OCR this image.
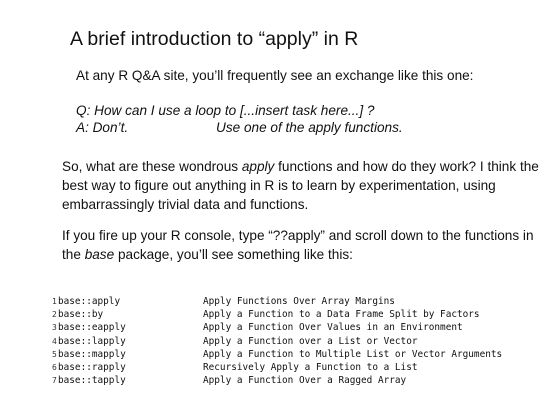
A brief introduction to “apply” in R
At any R Q&A site, you’ll frequently see an exchange like this one:
Q: How can I use a loop to [...insert task here...] ?
A: Don’t.	Use one of the apply functions.
So, what are these wondrous apply functions and how do they work? I think the best way to figure out anything in R is to learn by experimentation, using embarrassingly trivial data and functions.
If you fire up your R console, type “??apply” and scroll down to the functions in the base package, you’ll see something like this:
1 base::apply	Apply Functions Over Array Margins
2 base::by	Apply a Function to a Data Frame Split by Factors
3 base::eapply	Apply a Function Over Values in an Environment
4 base::lapply	Apply a Function over a List or Vector
5 base::mapply	Apply a Function to Multiple List or Vector Arguments
6 base::rapply	Recursively Apply a Function to a List
7 base::tapply	Apply a Function Over a Ragged Array
